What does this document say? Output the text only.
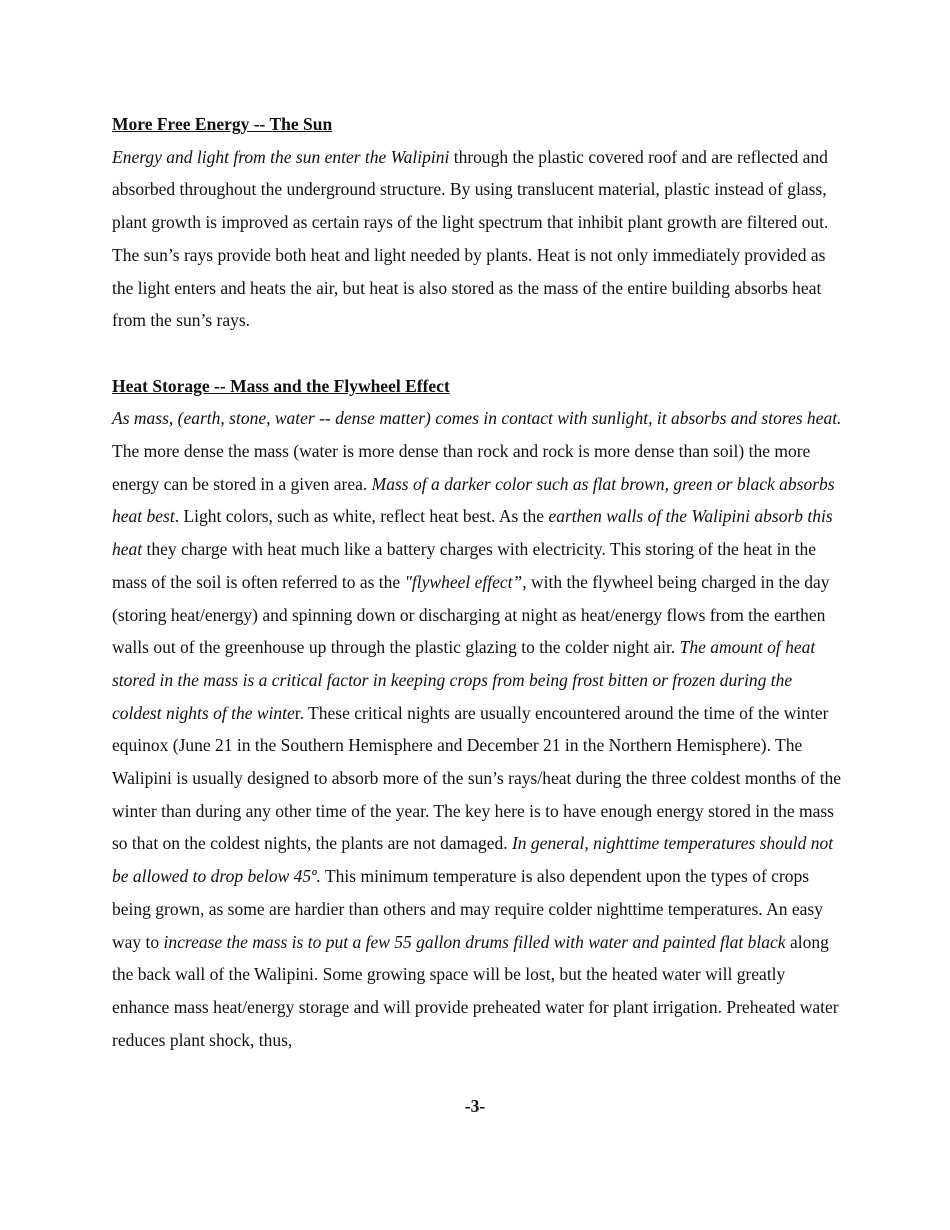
More Free Energy -- The Sun

Energy and light from the sun enter the Walipini through the plastic covered roof and are reflected and absorbed throughout the underground structure. By using translucent material, plastic instead of glass, plant growth is improved as certain rays of the light spectrum that inhibit plant growth are filtered out. The sun’s rays provide both heat and light needed by plants. Heat is not only immediately provided as the light enters and heats the air, but heat is also stored as the mass of the entire building absorbs heat from the sun’s rays.

Heat Storage -- Mass and the Flywheel Effect

As mass, (earth, stone, water -- dense matter) comes in contact with sunlight, it absorbs and stores heat. The more dense the mass (water is more dense than rock and rock is more dense than soil) the more energy can be stored in a given area. Mass of a darker color such as flat brown, green or black absorbs heat best. Light colors, such as white, reflect heat best. As the earthen walls of the Walipini absorb this heat they charge with heat much like a battery charges with electricity. This storing of the heat in the mass of the soil is often referred to as the "flywheel effect”, with the flywheel being charged in the day (storing heat/energy) and spinning down or discharging at night as heat/energy flows from the earthen walls out of the greenhouse up through the plastic glazing to the colder night air. The amount of heat stored in the mass is a critical factor in keeping crops from being frost bitten or frozen during the coldest nights of the winter. These critical nights are usually encountered around the time of the winter equinox (June 21 in the Southern Hemisphere and December 21 in the Northern Hemisphere). The Walipini is usually designed to absorb more of the sun’s rays/heat during the three coldest months of the winter than during any other time of the year. The key here is to have enough energy stored in the mass so that on the coldest nights, the plants are not damaged. In general, nighttime temperatures should not be allowed to drop below 45º. This minimum temperature is also dependent upon the types of crops being grown, as some are hardier than others and may require colder nighttime temperatures. An easy way to increase the mass is to put a few 55 gallon drums filled with water and painted flat black along the back wall of the Walipini. Some growing space will be lost, but the heated water will greatly enhance mass heat/energy storage and will provide preheated water for plant irrigation. Preheated water reduces plant shock, thus,

-3-
